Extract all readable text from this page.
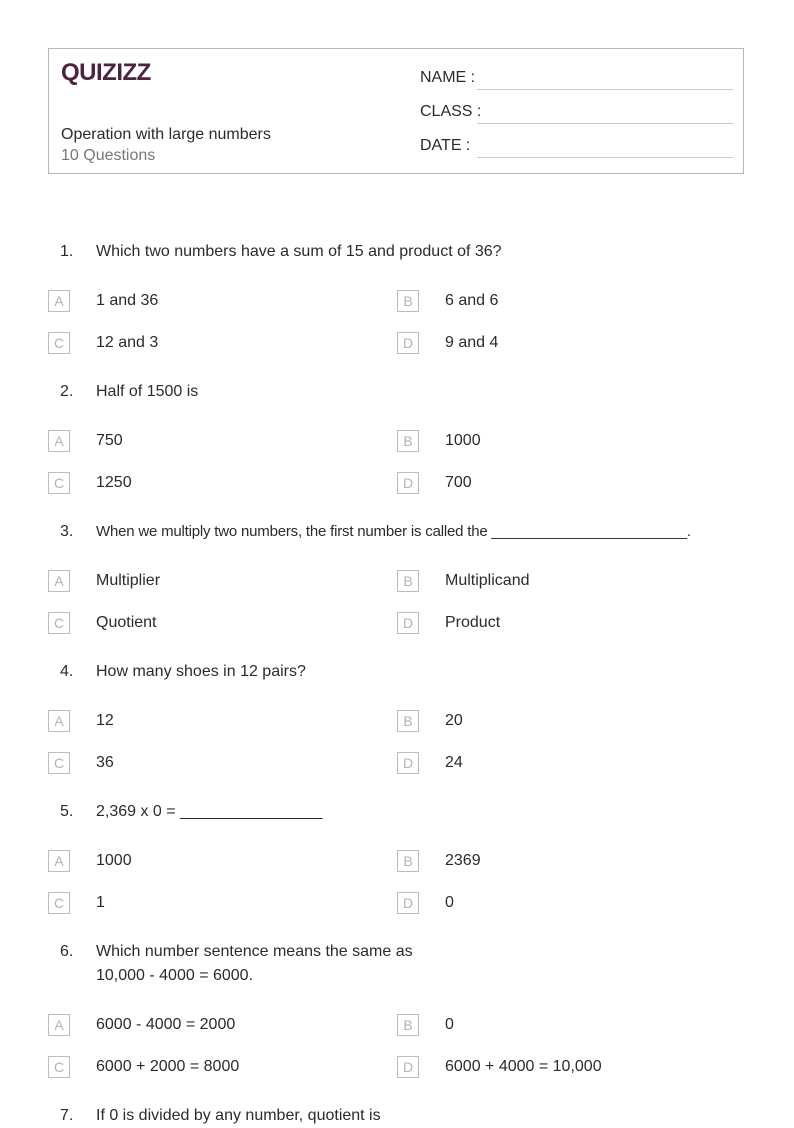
QUIZIZZ
Operation with large numbers
10 Questions
NAME :
CLASS :
DATE :
1. Which two numbers have a sum of 15 and product of 36?
A	1 and 36	B	6 and 6
C	12 and 3	D	9 and 4
2. Half of 1500 is
A	750	B	1000
C	1250	D	700
3. When we multiply two numbers, the first number is called the ________________________.
A	Multiplier	B	Multiplicand
C	Quotient	D	Product
4. How many shoes in 12 pairs?
A	12	B	20
C	36	D	24
5. 2,369 x 0 = ________________
A	1000	B	2369
C	1	D	0
6. Which number sentence means the same as
10,000 - 4000 = 6000.
A	6000 - 4000 = 2000	B	0
C	6000 + 2000 = 8000	D	6000 + 4000 = 10,000
7. If 0 is divided by any number, quotient is
